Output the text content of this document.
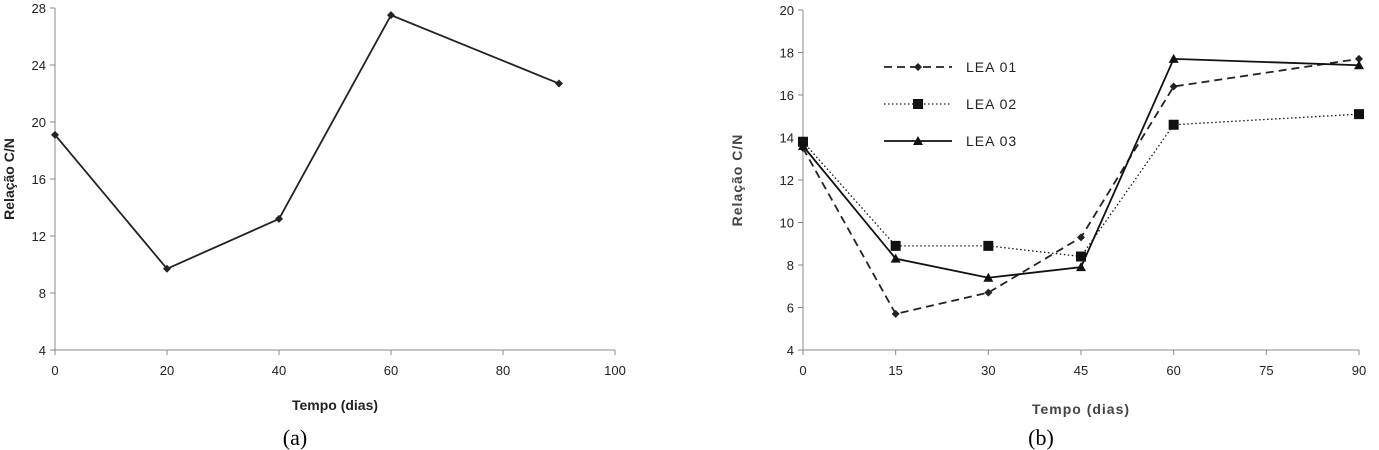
4
8
12
16
20
24
28
0	20	40	60	80	100
Tempo (dias)
Relação C/N
(a)
4
6
8
10
12
14
16
18
20
0	15	30	45	60	75	90
Tempo (dias)
Relação C/N
(b)
LEA 01
LEA 02
LEA 03
